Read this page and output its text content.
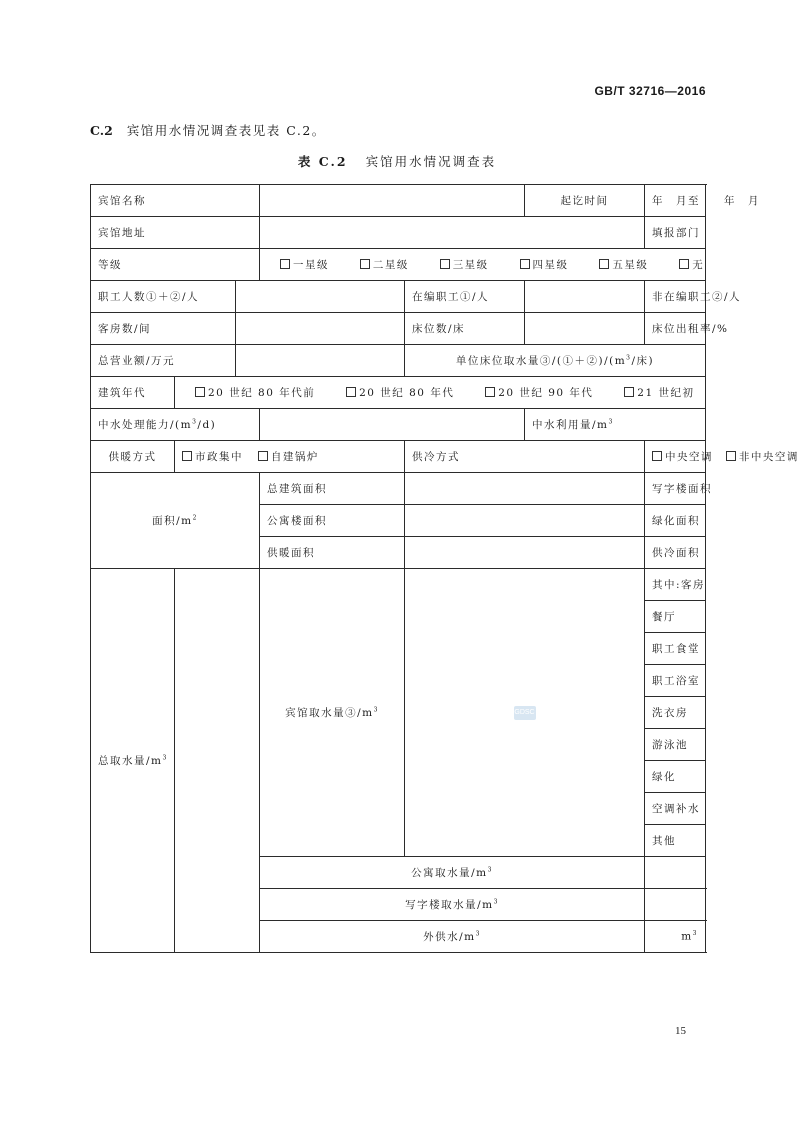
GB/T 32716—2016
C.2 宾馆用水情况调查表见表 C.2。
表 C.2 宾馆用水情况调查表
宾馆名称					起讫时间	年　月至　　年　月	
宾馆地址						填报部门	
等级			一星级 二星级 三星级 四星级 五星级 无				
职工人数①＋②/人				在编职工①/人		非在编职工②/人	
客房数/间				床位数/床		床位出租率/%	
总营业额/万元				单位床位取水量$③/(①+②)/(m^3/$床)			
建筑年代	20 世纪 80 年代前 20 世纪 80 年代 20 世纪 90 年代 21 世纪初						
中水处理能力$/(m^3/d)$					中水利用量$/m^3$	
供暖方式	市政集中 自建锅炉			供冷方式		中央空调 非中央空调	
面积$/m^2$			总建筑面积			写字楼面积	
			公寓楼面积			绿化面积	
			供暖面积			供冷面积	
总取水量$/m^3$			宾馆取水量$③/m^3$	GDSC		其中:客房	
						餐厅	
						职工食堂	
						职工浴室	
						洗衣房	
						游泳池	
						绿化	
						空调补水	
						其他	
			公寓取水量$/m^3$	
			写字楼取水量$/m^3$	
			外供水$/m^3$			$m^3$
15
